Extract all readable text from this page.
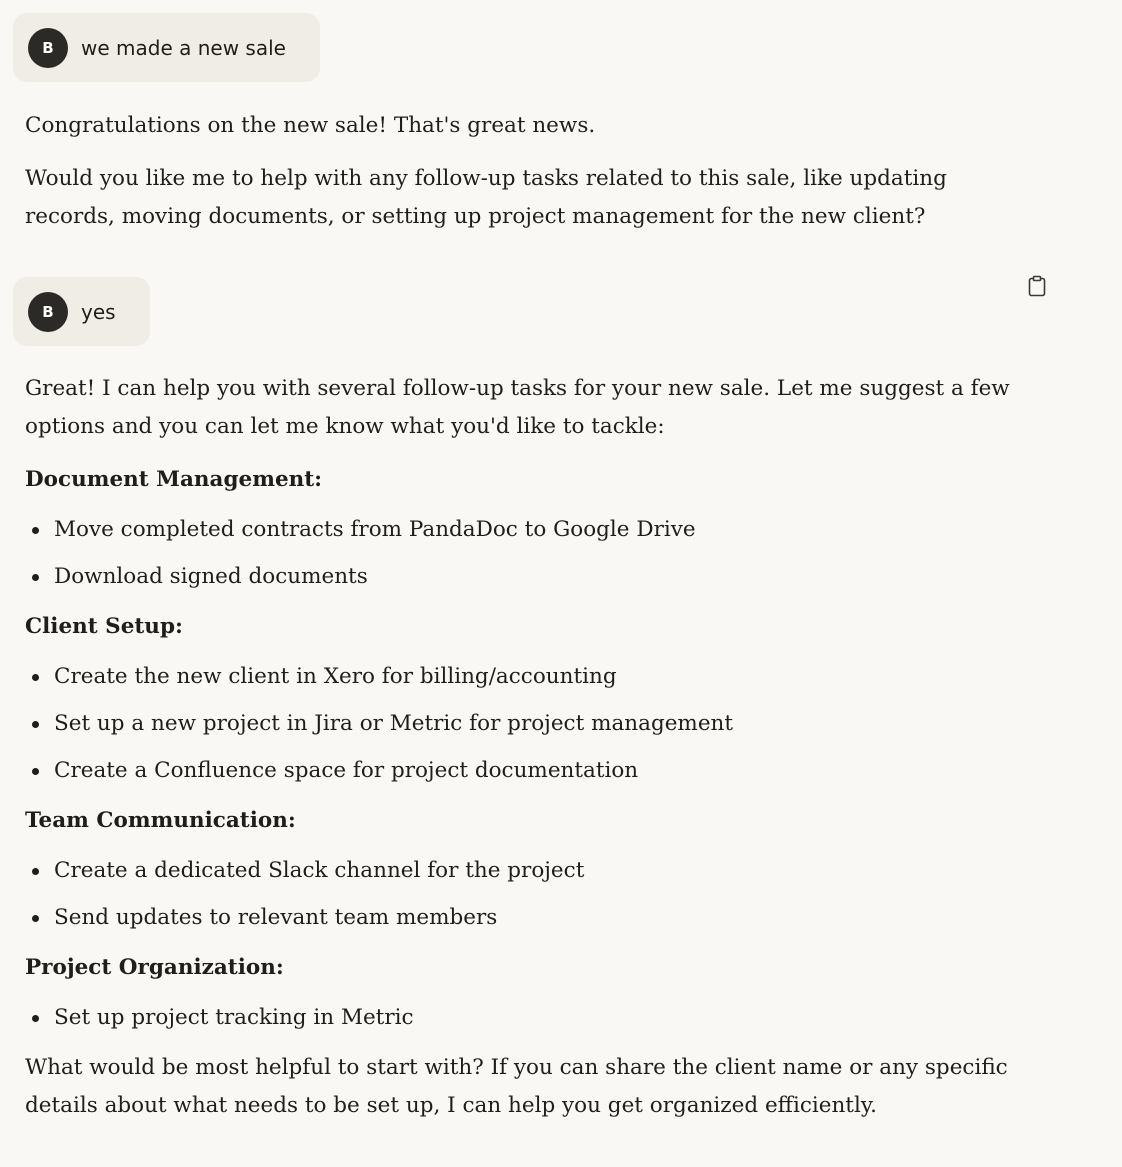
B	we made a new sale

Congratulations on the new sale! That's great news.

Would you like me to help with any follow-up tasks related to this sale, like updating records, moving documents, or setting up project management for the new client?

B	yes

Great! I can help you with several follow-up tasks for your new sale. Let me suggest a few options and you can let me know what you'd like to tackle:

Document Management:
Move completed contracts from PandaDoc to Google Drive
Download signed documents
Client Setup:
Create the new client in Xero for billing/accounting
Set up a new project in Jira or Metric for project management
Create a Confluence space for project documentation
Team Communication:
Create a dedicated Slack channel for the project
Send updates to relevant team members
Project Organization:
Set up project tracking in Metric

What would be most helpful to start with? If you can share the client name or any specific details about what needs to be set up, I can help you get organized efficiently.
